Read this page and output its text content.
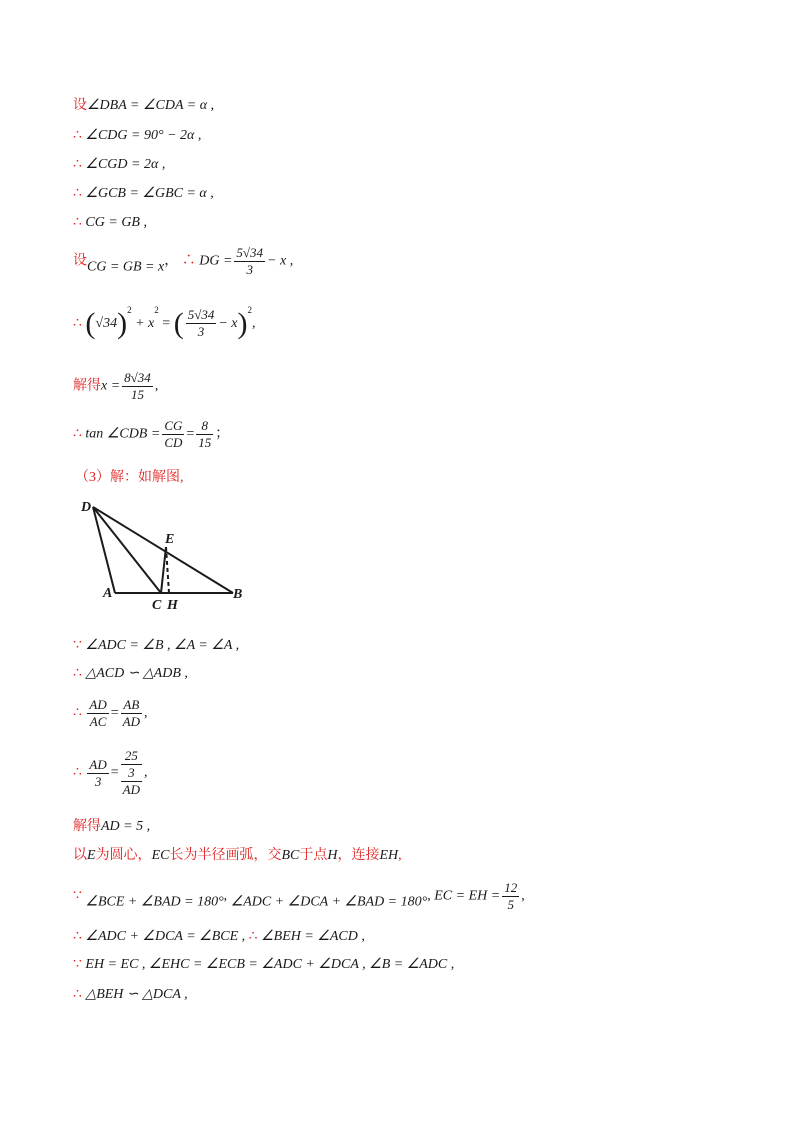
设∠DBA = ∠CDA = α ,
∴ ∠CDG = 90° − 2α ,
∴ ∠CGD = 2α ,
∴ ∠GCB = ∠GBC = α ,
∴ CG = GB ,
设CG = GB = x， ∴ DG = $\frac{5√34}{3} - x$ ,
∴ $(√34)^2 + x^2$ = ( $\frac{5√34}{3} - x)^2$,
解得$x = \frac{8√34}{15}$ ,
∴ tan ∠CDB = $\frac{CG}{CD} = \frac{8}{15}$ ；
（3）解：如解图,
D
E
A
C H
B
∵ ∠ADC = ∠B , ∠A = ∠A ,
∴ △ACD ∽ △ADB ,
∴ $\frac{AD}{AC} = \frac{AB}{AD}$ ,
∴ $\frac{AD}{3}$ =
25
3
AD
,
解得AD = 5 ,
以E为圆心，EC长为半径画弧，交BC于点H，连接EH,
∵ ∠BCE + ∠BAD = 180°, ∠ADC + ∠DCA + ∠BAD = 180°, EC = EH = $\frac{12}{5}$ ,
∴ ∠ADC + ∠DCA = ∠BCE , ∴ ∠BEH = ∠ACD ,
∵ EH = EC , ∠EHC = ∠ECB = ∠ADC + ∠DCA , ∠B = ∠ADC ,
∴ △BEH ∽ △DCA ,
